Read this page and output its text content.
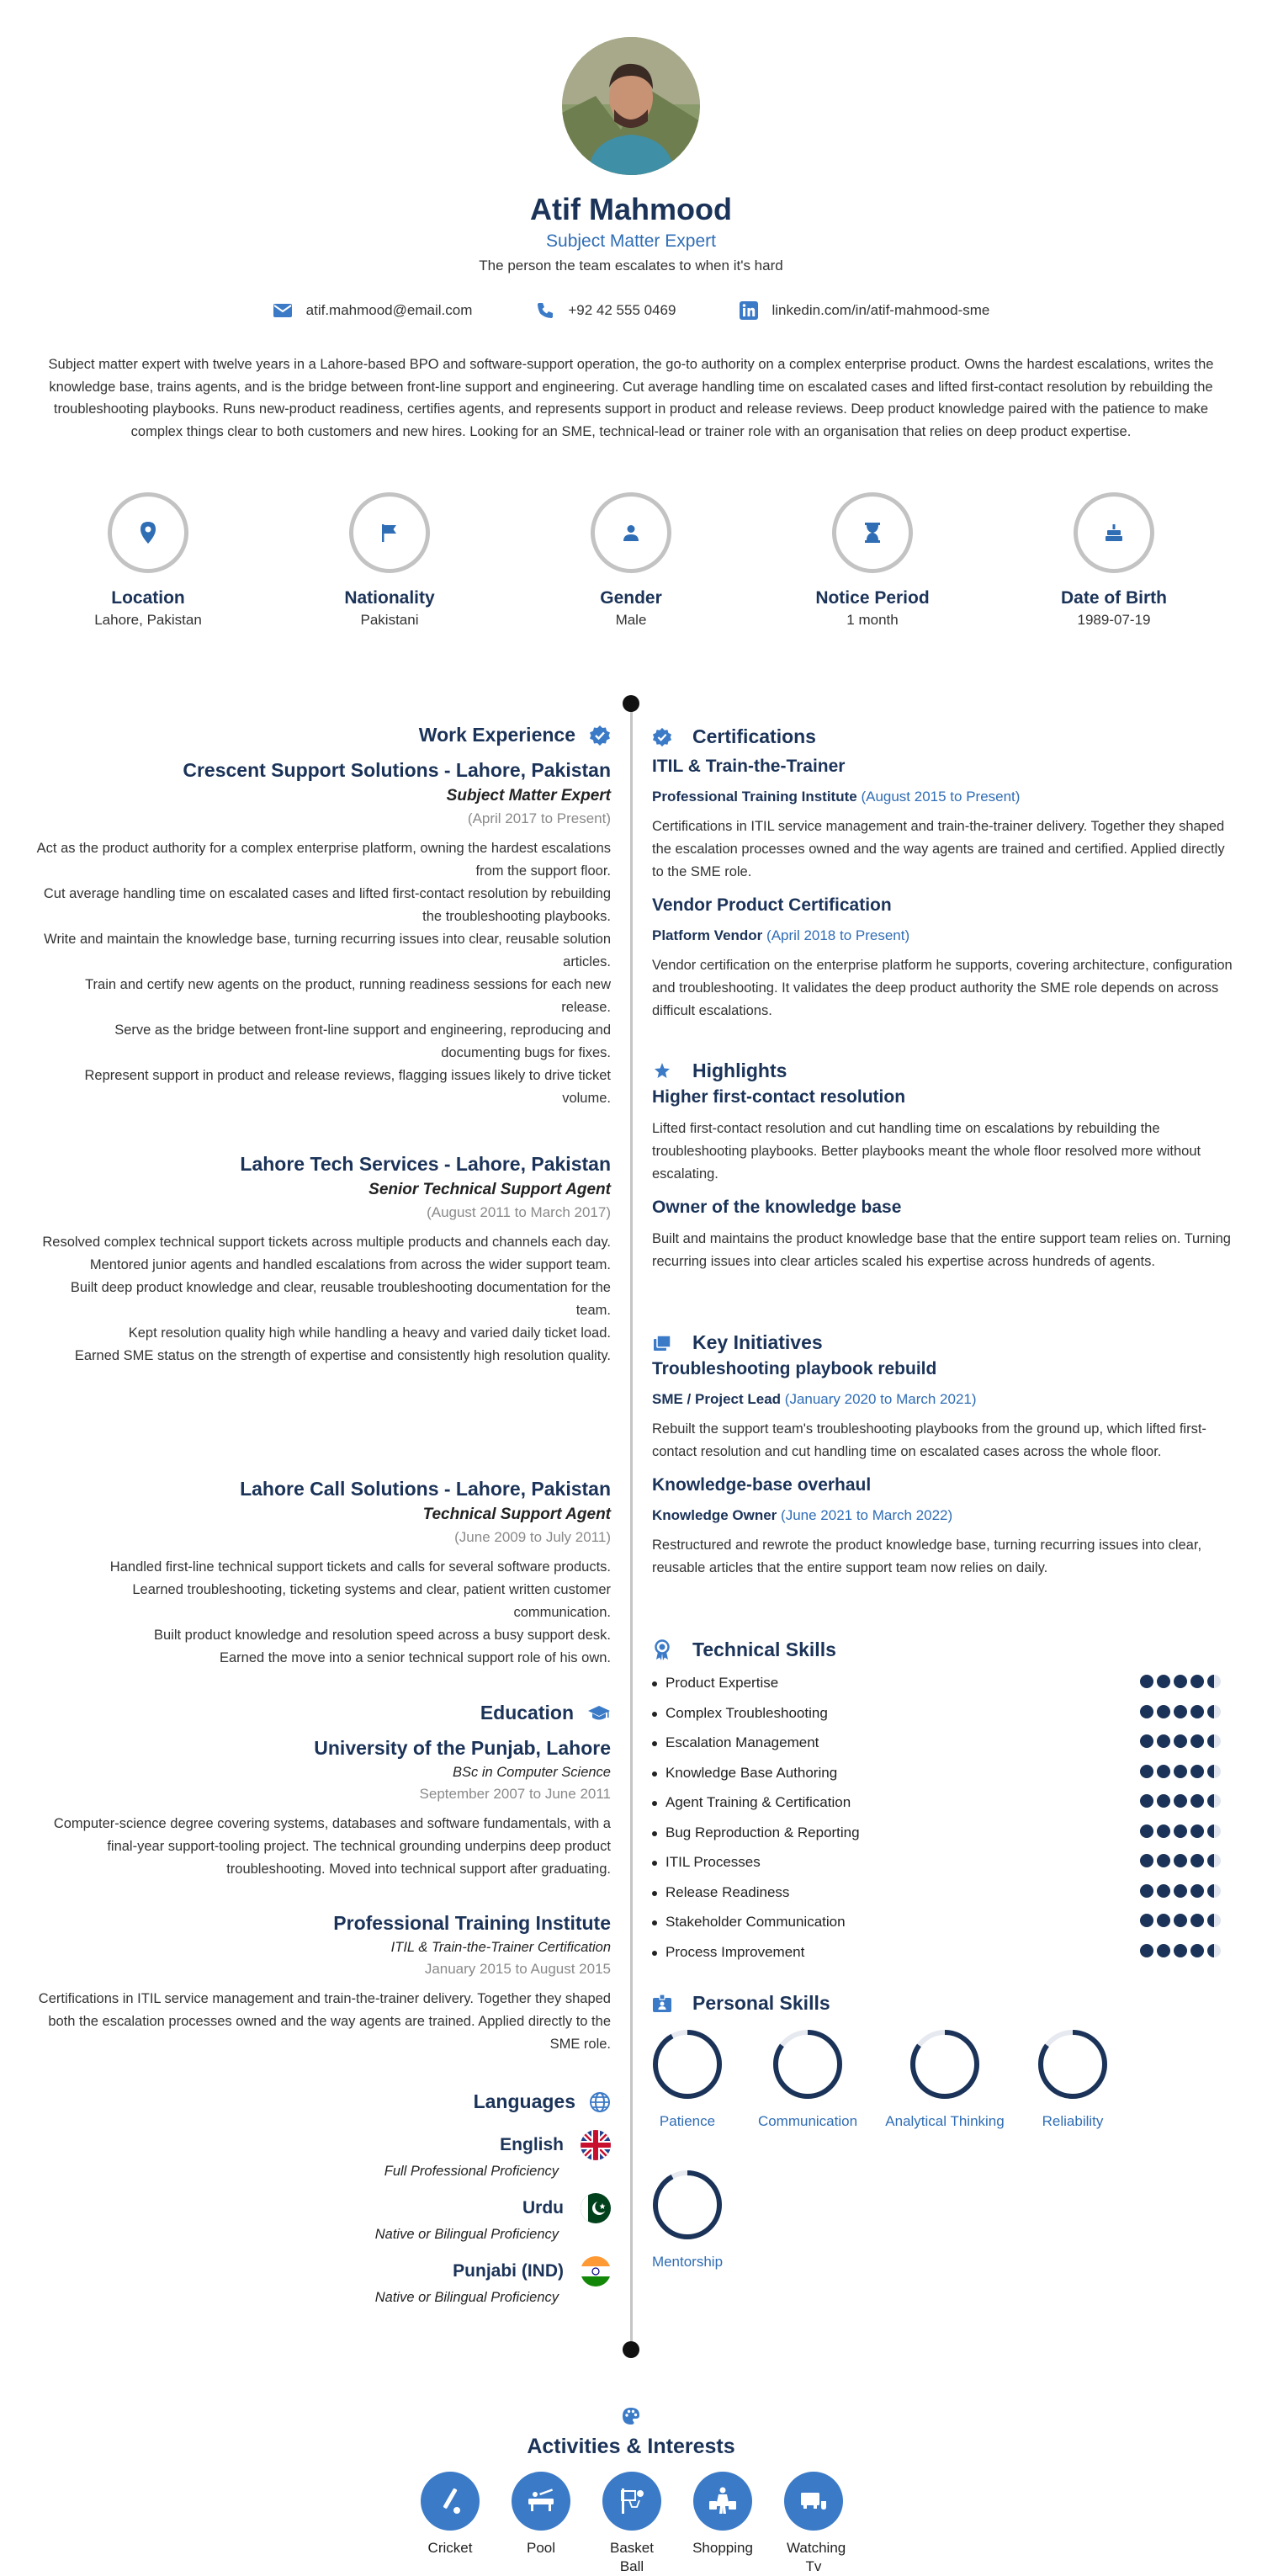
Atif Mahmood
Subject Matter Expert
The person the team escalates to when it's hard
atif.mahmood@email.com	+92 42 555 0469	linkedin.com/in/atif-mahmood-sme
Subject matter expert with twelve years in a Lahore-based BPO and software-support operation, the go-to authority on a complex enterprise product. Owns the hardest escalations, writes the knowledge base, trains agents, and is the bridge between front-line support and engineering. Cut average handling time on escalated cases and lifted first-contact resolution by rebuilding the troubleshooting playbooks. Runs new-product readiness, certifies agents, and represents support in product and release reviews. Deep product knowledge paired with the patience to make complex things clear to both customers and new hires. Looking for an SME, technical-lead or trainer role with an organisation that relies on deep product expertise.
Location
Lahore, Pakistan
Nationality
Pakistani
Gender
Male
Notice Period
1 month
Date of Birth
1989-07-19
Work Experience
Crescent Support Solutions - Lahore, Pakistan
Subject Matter Expert
(April 2017 to Present)
Act as the product authority for a complex enterprise platform, owning the hardest escalations from the support floor.
Cut average handling time on escalated cases and lifted first-contact resolution by rebuilding the troubleshooting playbooks.
Write and maintain the knowledge base, turning recurring issues into clear, reusable solution articles.
Train and certify new agents on the product, running readiness sessions for each new release.
Serve as the bridge between front-line support and engineering, reproducing and documenting bugs for fixes.
Represent support in product and release reviews, flagging issues likely to drive ticket volume.
Lahore Tech Services - Lahore, Pakistan
Senior Technical Support Agent
(August 2011 to March 2017)
Resolved complex technical support tickets across multiple products and channels each day.
Mentored junior agents and handled escalations from across the wider support team.
Built deep product knowledge and clear, reusable troubleshooting documentation for the team.
Kept resolution quality high while handling a heavy and varied daily ticket load.
Earned SME status on the strength of expertise and consistently high resolution quality.
Lahore Call Solutions - Lahore, Pakistan
Technical Support Agent
(June 2009 to July 2011)
Handled first-line technical support tickets and calls for several software products.
Learned troubleshooting, ticketing systems and clear, patient written customer communication.
Built product knowledge and resolution speed across a busy support desk.
Earned the move into a senior technical support role of his own.
Education
University of the Punjab, Lahore
BSc in Computer Science
September 2007 to June 2011
Computer-science degree covering systems, databases and software fundamentals, with a final-year support-tooling project. The technical grounding underpins deep product troubleshooting. Moved into technical support after graduating.
Professional Training Institute
ITIL & Train-the-Trainer Certification
January 2015 to August 2015
Certifications in ITIL service management and train-the-trainer delivery. Together they shaped both the escalation processes owned and the way agents are trained. Applied directly to the SME role.
Languages
English
Full Professional Proficiency
Urdu
Native or Bilingual Proficiency
Punjabi (IND)
Native or Bilingual Proficiency
Certifications
ITIL & Train-the-Trainer
Professional Training Institute (August 2015 to Present)
Certifications in ITIL service management and train-the-trainer delivery. Together they shaped the escalation processes owned and the way agents are trained and certified. Applied directly to the SME role.
Vendor Product Certification
Platform Vendor (April 2018 to Present)
Vendor certification on the enterprise platform he supports, covering architecture, configuration and troubleshooting. It validates the deep product authority the SME role depends on across difficult escalations.
Highlights
Higher first-contact resolution
Lifted first-contact resolution and cut handling time on escalations by rebuilding the troubleshooting playbooks. Better playbooks meant the whole floor resolved more without escalating.
Owner of the knowledge base
Built and maintains the product knowledge base that the entire support team relies on. Turning recurring issues into clear articles scaled his expertise across hundreds of agents.
Key Initiatives
Troubleshooting playbook rebuild
SME / Project Lead (January 2020 to March 2021)
Rebuilt the support team's troubleshooting playbooks from the ground up, which lifted first-contact resolution and cut handling time on escalated cases across the whole floor.
Knowledge-base overhaul
Knowledge Owner (June 2021 to March 2022)
Restructured and rewrote the product knowledge base, turning recurring issues into clear, reusable articles that the entire support team now relies on daily.
Technical Skills
Product Expertise
Complex Troubleshooting
Escalation Management
Knowledge Base Authoring
Agent Training & Certification
Bug Reproduction & Reporting
ITIL Processes
Release Readiness
Stakeholder Communication
Process Improvement
Personal Skills
Patience	Communication	Analytical Thinking	Reliability
Mentorship
Activities & Interests
Cricket	Pool	Basket Ball
Shopping	Watching Tv
